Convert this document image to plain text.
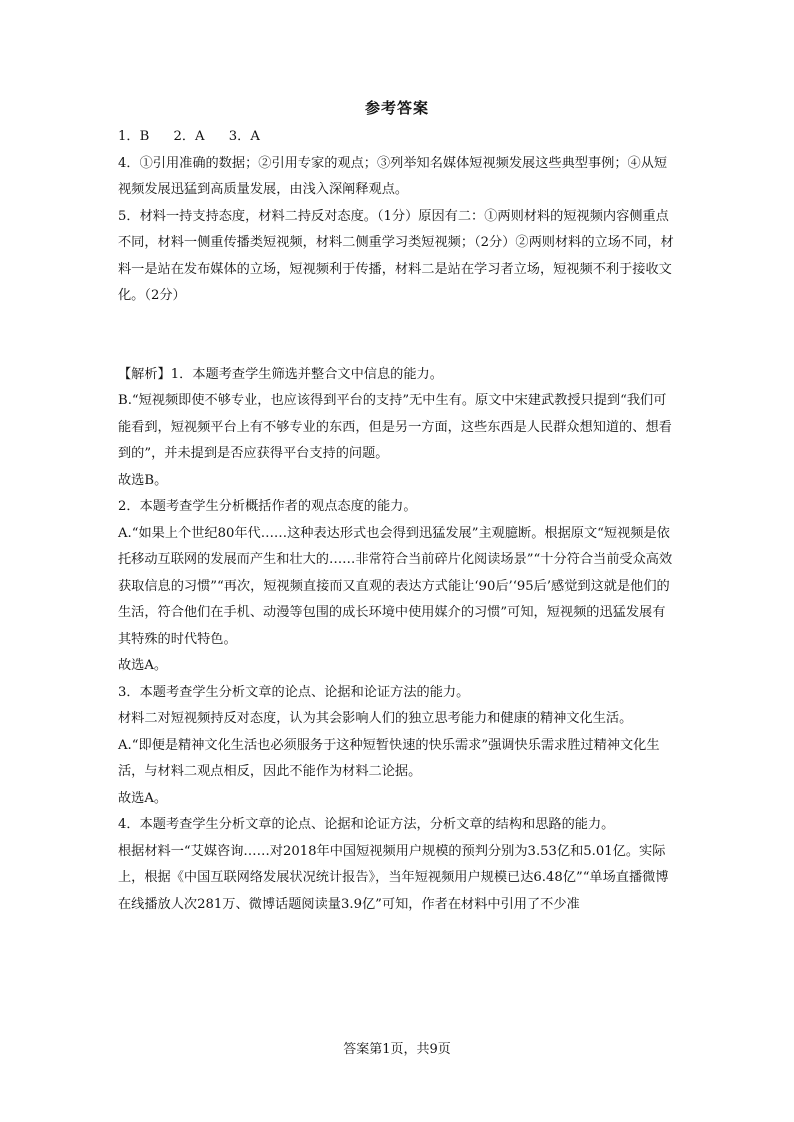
参考答案

1．B 2．A 3．A

4．①引用准确的数据；②引用专家的观点；③列举知名媒体短视频发展这些典型事例；④从短视频发展迅猛到高质量发展，由浅入深阐释观点。

5．材料一持支持态度，材料二持反对态度。（1分）原因有二：①两则材料的短视频内容侧重点不同，材料一侧重传播类短视频，材料二侧重学习类短视频；（2分）②两则材料的立场不同，材料一是站在发布媒体的立场，短视频利于传播，材料二是站在学习者立场，短视频不利于接收文化。（2分）

【解析】1．本题考查学生筛选并整合文中信息的能力。

B.“短视频即使不够专业，也应该得到平台的支持”无中生有。原文中宋建武教授只提到“我们可能看到，短视频平台上有不够专业的东西，但是另一方面，这些东西是人民群众想知道的、想看到的”，并未提到是否应获得平台支持的问题。

故选B。

2．本题考查学生分析概括作者的观点态度的能力。

A.“如果上个世纪80年代……这种表达形式也会得到迅猛发展”主观臆断。根据原文“短视频是依托移动互联网的发展而产生和壮大的……非常符合当前碎片化阅读场景”“十分符合当前受众高效获取信息的习惯”“再次，短视频直接而又直观的表达方式能让‘90后’‘95后’感觉到这就是他们的生活，符合他们在手机、动漫等包围的成长环境中使用媒介的习惯”可知，短视频的迅猛发展有其特殊的时代特色。

故选A。

3．本题考查学生分析文章的论点、论据和论证方法的能力。

材料二对短视频持反对态度，认为其会影响人们的独立思考能力和健康的精神文化生活。

A.“即便是精神文化生活也必须服务于这种短暂快速的快乐需求”强调快乐需求胜过精神文化生活，与材料二观点相反，因此不能作为材料二论据。

故选A。

4．本题考查学生分析文章的论点、论据和论证方法，分析文章的结构和思路的能力。

根据材料一“艾媒咨询……对2018年中国短视频用户规模的预判分别为3.53亿和5.01亿。实际上，根据《中国互联网络发展状况统计报告》，当年短视频用户规模已达6.48亿”“单场直播微博在线播放人次281万、微博话题阅读量3.9亿”可知，作者在材料中引用了不少准

答案第1页，共9页
